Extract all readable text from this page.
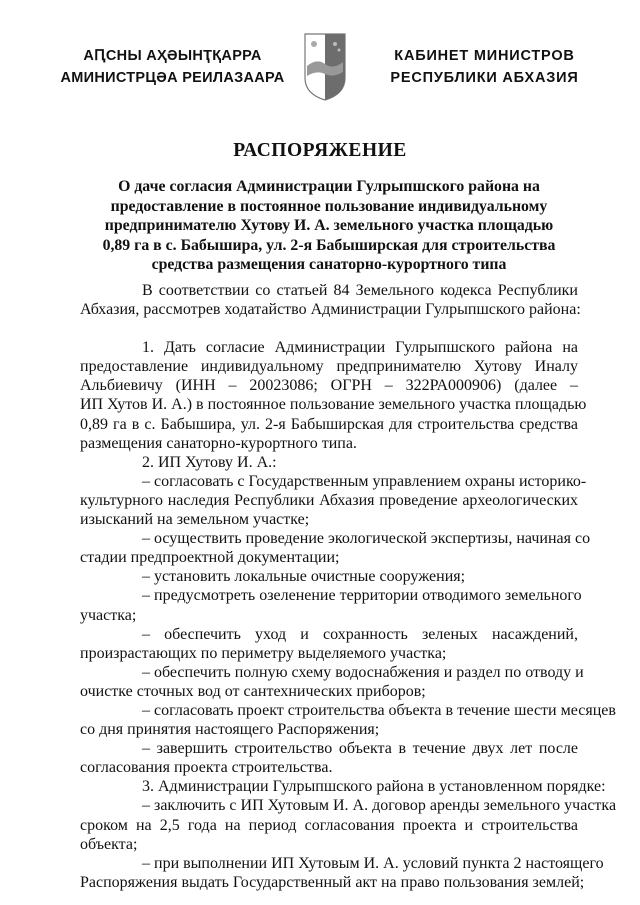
АԤСНЫ АҲӘЫНҬҚАРРА
АМИНИСТРЦӘА РЕИЛАЗААРА
КАБИНЕТ МИНИСТРОВ
РЕСПУБЛИКИ АБХАЗИЯ
РАСПОРЯЖЕНИЕ
О даче согласия Администрации Гулрыпшского района на
предоставление в постоянное пользование индивидуальному
предпринимателю Хутову И. А. земельного участка площадью
0,89 га в с. Бабышира, ул. 2-я Бабыширская для строительства
средства размещения санаторно-курортного типа
В соответствии со статьей 84 Земельного кодекса Республики
Абхазия, рассмотрев ходатайство Администрации Гулрыпшского района:
1. Дать согласие Администрации Гулрыпшского района на
предоставление индивидуальному предпринимателю Хутову Иналу
Альбиевичу (ИНН – 20023086; ОГРН – 322РА000906) (далее –
ИП Хутов И. А.) в постоянное пользование земельного участка площадью
0,89 га в с. Бабышира, ул. 2-я Бабыширская для строительства средства
размещения санаторно-курортного типа.
2. ИП Хутову И. А.:
– согласовать с Государственным управлением охраны историко-
культурного наследия Республики Абхазия проведение археологических
изысканий на земельном участке;
– осуществить проведение экологической экспертизы, начиная со
стадии предпроектной документации;
– установить локальные очистные сооружения;
– предусмотреть озеленение территории отводимого земельного
участка;
– обеспечить уход и сохранность зеленых насаждений,
произрастающих по периметру выделяемого участка;
– обеспечить полную схему водоснабжения и раздел по отводу и
очистке сточных вод от сантехнических приборов;
– согласовать проект строительства объекта в течение шести месяцев
со дня принятия настоящего Распоряжения;
– завершить строительство объекта в течение двух лет после
согласования проекта строительства.
3. Администрации Гулрыпшского района в установленном порядке:
– заключить с ИП Хутовым И. А. договор аренды земельного участка
сроком на 2,5 года на период согласования проекта и строительства
объекта;
– при выполнении ИП Хутовым И. А. условий пункта 2 настоящего
Распоряжения выдать Государственный акт на право пользования землей;
